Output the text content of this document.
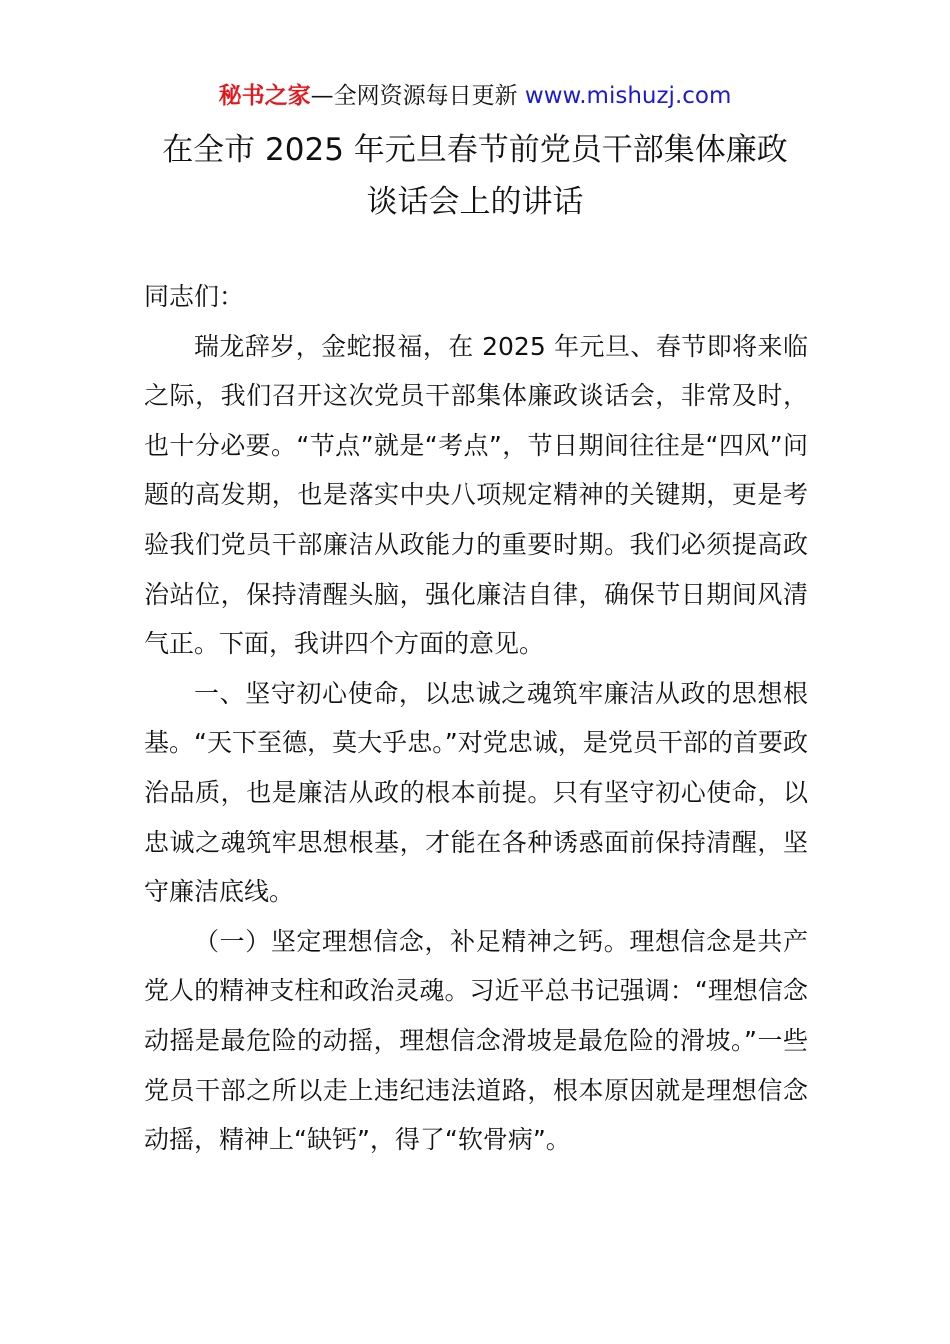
秘书之家—全网资源每日更新 www.mishuzj.com
在全市 2025 年元旦春节前党员干部集体廉政
谈话会上的讲话

同志们：

瑞龙辞岁，金蛇报福，在 2025 年元旦、春节即将来临之际，我们召开这次党员干部集体廉政谈话会，非常及时，也十分必要。“节点”就是“考点”，节日期间往往是“四风”问题的高发期，也是落实中央八项规定精神的关键期，更是考验我们党员干部廉洁从政能力的重要时期。我们必须提高政治站位，保持清醒头脑，强化廉洁自律，确保节日期间风清气正。下面，我讲四个方面的意见。

一、坚守初心使命，以忠诚之魂筑牢廉洁从政的思想根基。“天下至德，莫大乎忠。”对党忠诚，是党员干部的首要政治品质，也是廉洁从政的根本前提。只有坚守初心使命，以忠诚之魂筑牢思想根基，才能在各种诱惑面前保持清醒，坚守廉洁底线。

（一）坚定理想信念，补足精神之钙。理想信念是共产党人的精神支柱和政治灵魂。习近平总书记强调：“理想信念动摇是最危险的动摇，理想信念滑坡是最危险的滑坡。”一些党员干部之所以走上违纪违法道路，根本原因就是理想信念动摇，精神上“缺钙”，得了“软骨病”。
